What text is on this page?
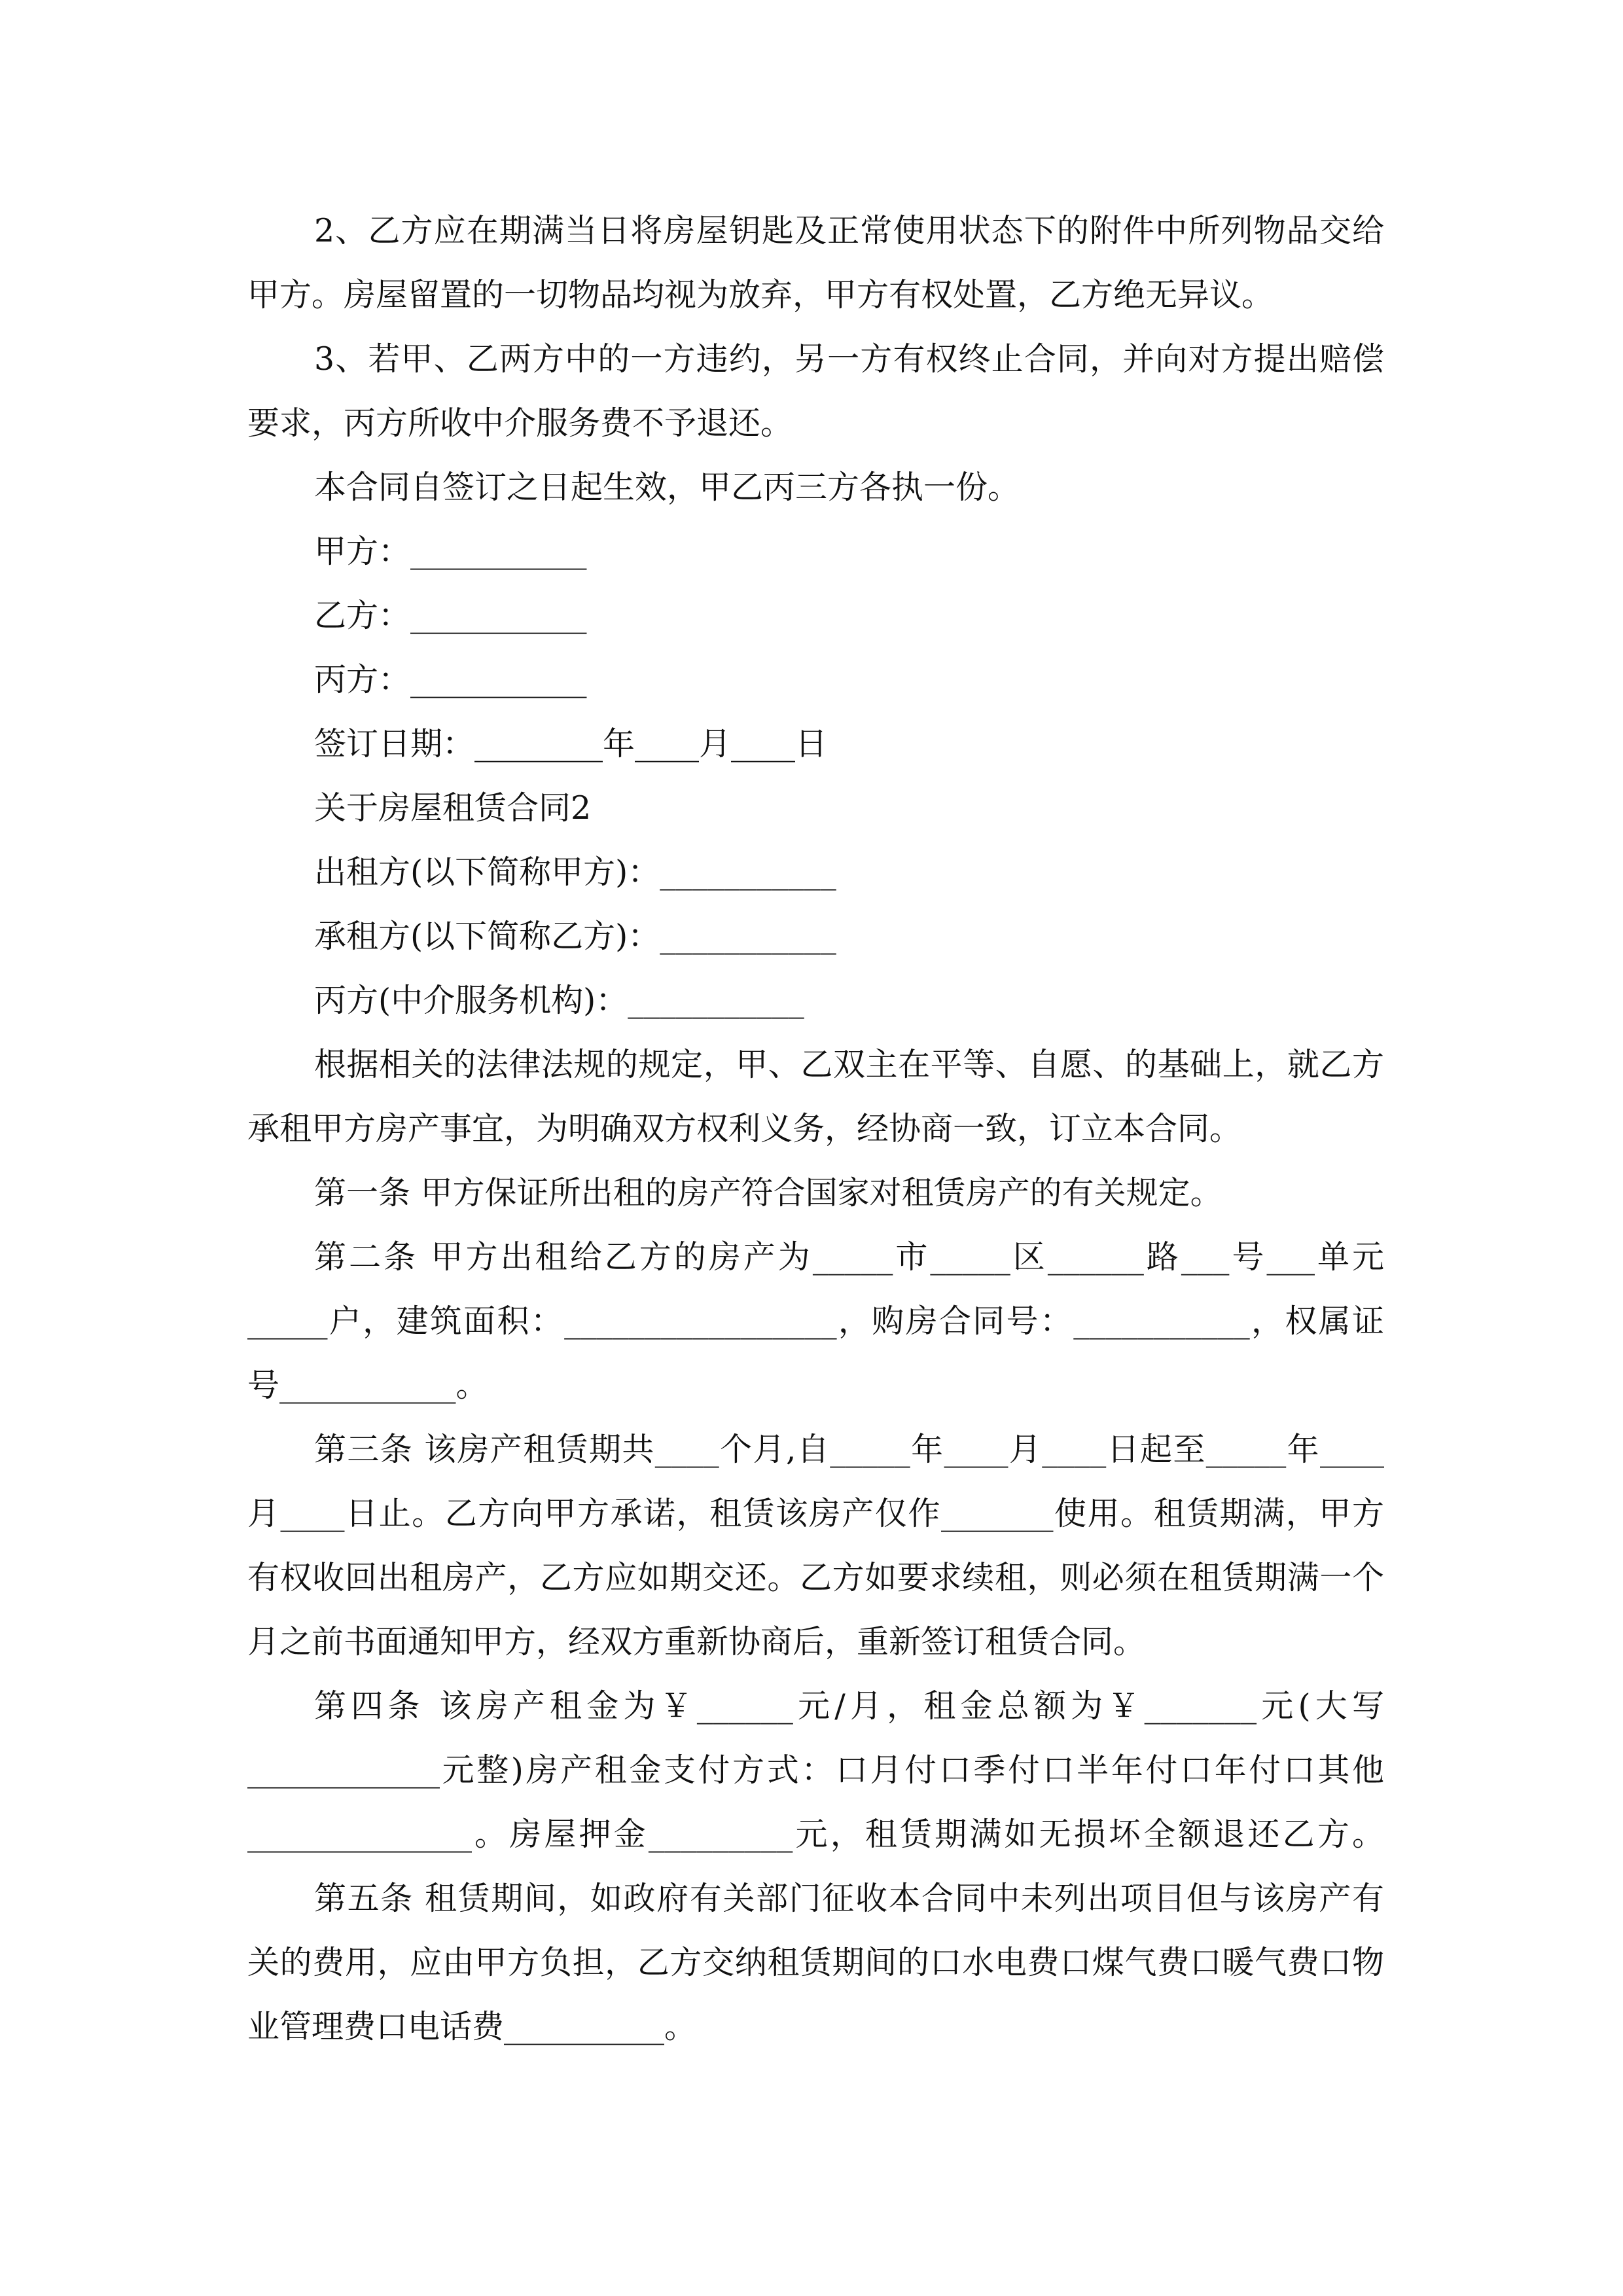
2、乙方应在期满当日将房屋钥匙及正常使用状态下的附件中所列物品交给
甲方。房屋留置的一切物品均视为放弃，甲方有权处置，乙方绝无异议。
3、若甲、乙两方中的一方违约，另一方有权终止合同，并向对方提出赔偿
要求，丙方所收中介服务费不予退还。
本合同自签订之日起生效，甲乙丙三方各执一份。
甲方：___________
乙方：___________
丙方：___________
签订日期：________年____月____日
关于房屋租赁合同2
出租方(以下简称甲方)：___________
承租方(以下简称乙方)：___________
丙方(中介服务机构)：___________
根据相关的法律法规的规定，甲、乙双主在平等、自愿、的基础上，就乙方
承租甲方房产事宜，为明确双方权利义务，经协商一致，订立本合同。
第一条 甲方保证所出租的房产符合国家对租赁房产的有关规定。
第二条 甲方出租给乙方的房产为_____市_____区______路___号___单元
_____户，建筑面积：_________________，购房合同号：___________，权属证
号___________。
第三条 该房产租赁期共____个月,自_____年____月____日起至_____年____
月____日止。乙方向甲方承诺，租赁该房产仅作_______使用。租赁期满，甲方
有权收回出租房产，乙方应如期交还。乙方如要求续租，则必须在租赁期满一个
月之前书面通知甲方，经双方重新协商后，重新签订租赁合同。
第四条 该房产租金为￥______元/月，租金总额为￥_______元(大写
____________元整)房产租金支付方式：口月付口季付口半年付口年付口其他
______________。房屋押金_________元，租赁期满如无损坏全额退还乙方。
第五条 租赁期间，如政府有关部门征收本合同中未列出项目但与该房产有
关的费用，应由甲方负担，乙方交纳租赁期间的口水电费口煤气费口暖气费口物
业管理费口电话费__________。
